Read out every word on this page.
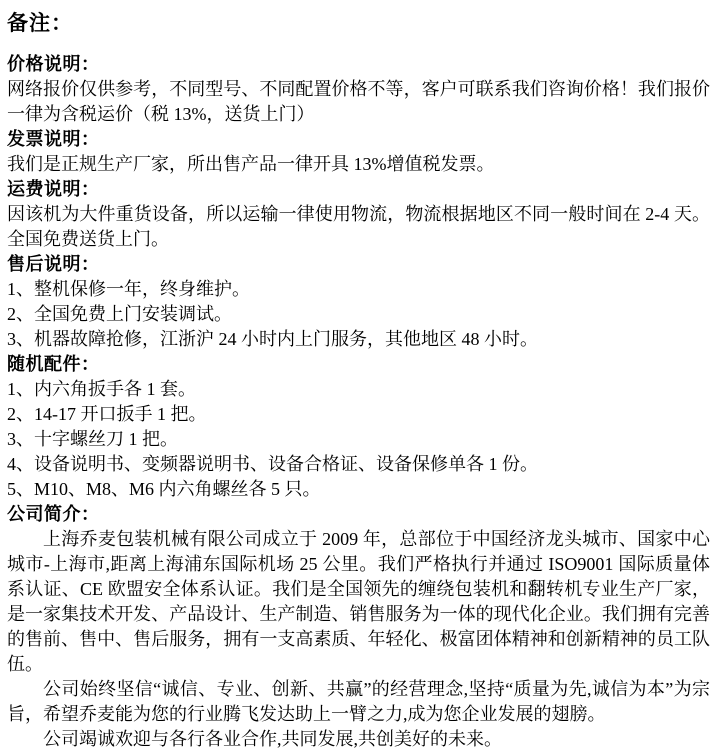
备注：
价格说明：

网络报价仅供参考，不同型号、不同配置价格不等，客户可联系我们咨询价格！我们报价一律为含税运价（税 13%，送货上门）

发票说明：

我们是正规生产厂家，所出售产品一律开具 13%增值税发票。

运费说明：

因该机为大件重货设备，所以运输一律使用物流，物流根据地区不同一般时间在 2-4 天。全国免费送货上门。

售后说明：

1、整机保修一年，终身维护。

2、全国免费上门安装调试。

3、机器故障抢修，江浙沪 24 小时内上门服务，其他地区 48 小时。

随机配件：

1、内六角扳手各 1 套。

2、14-17 开口扳手 1 把。

3、十字螺丝刀 1 把。

4、设备说明书、变频器说明书、设备合格证、设备保修单各 1 份。

5、M10、M8、M6 内六角螺丝各 5 只。

公司简介：

上海乔麦包装机械有限公司成立于 2009 年，总部位于中国经济龙头城市、国家中心城市-上海市,距离上海浦东国际机场 25 公里。我们严格执行并通过 ISO9001 国际质量体系认证、CE 欧盟安全体系认证。我们是全国领先的缠绕包装机和翻转机专业生产厂家，是一家集技术开发、产品设计、生产制造、销售服务为一体的现代化企业。我们拥有完善的售前、售中、售后服务，拥有一支高素质、年轻化、极富团体精神和创新精神的员工队伍。

公司始终坚信“诚信、专业、创新、共赢”的经营理念,坚持“质量为先,诚信为本”为宗旨，希望乔麦能为您的行业腾飞发达助上一臂之力,成为您企业发展的翅膀。

公司竭诚欢迎与各行各业合作,共同发展,共创美好的未来。
